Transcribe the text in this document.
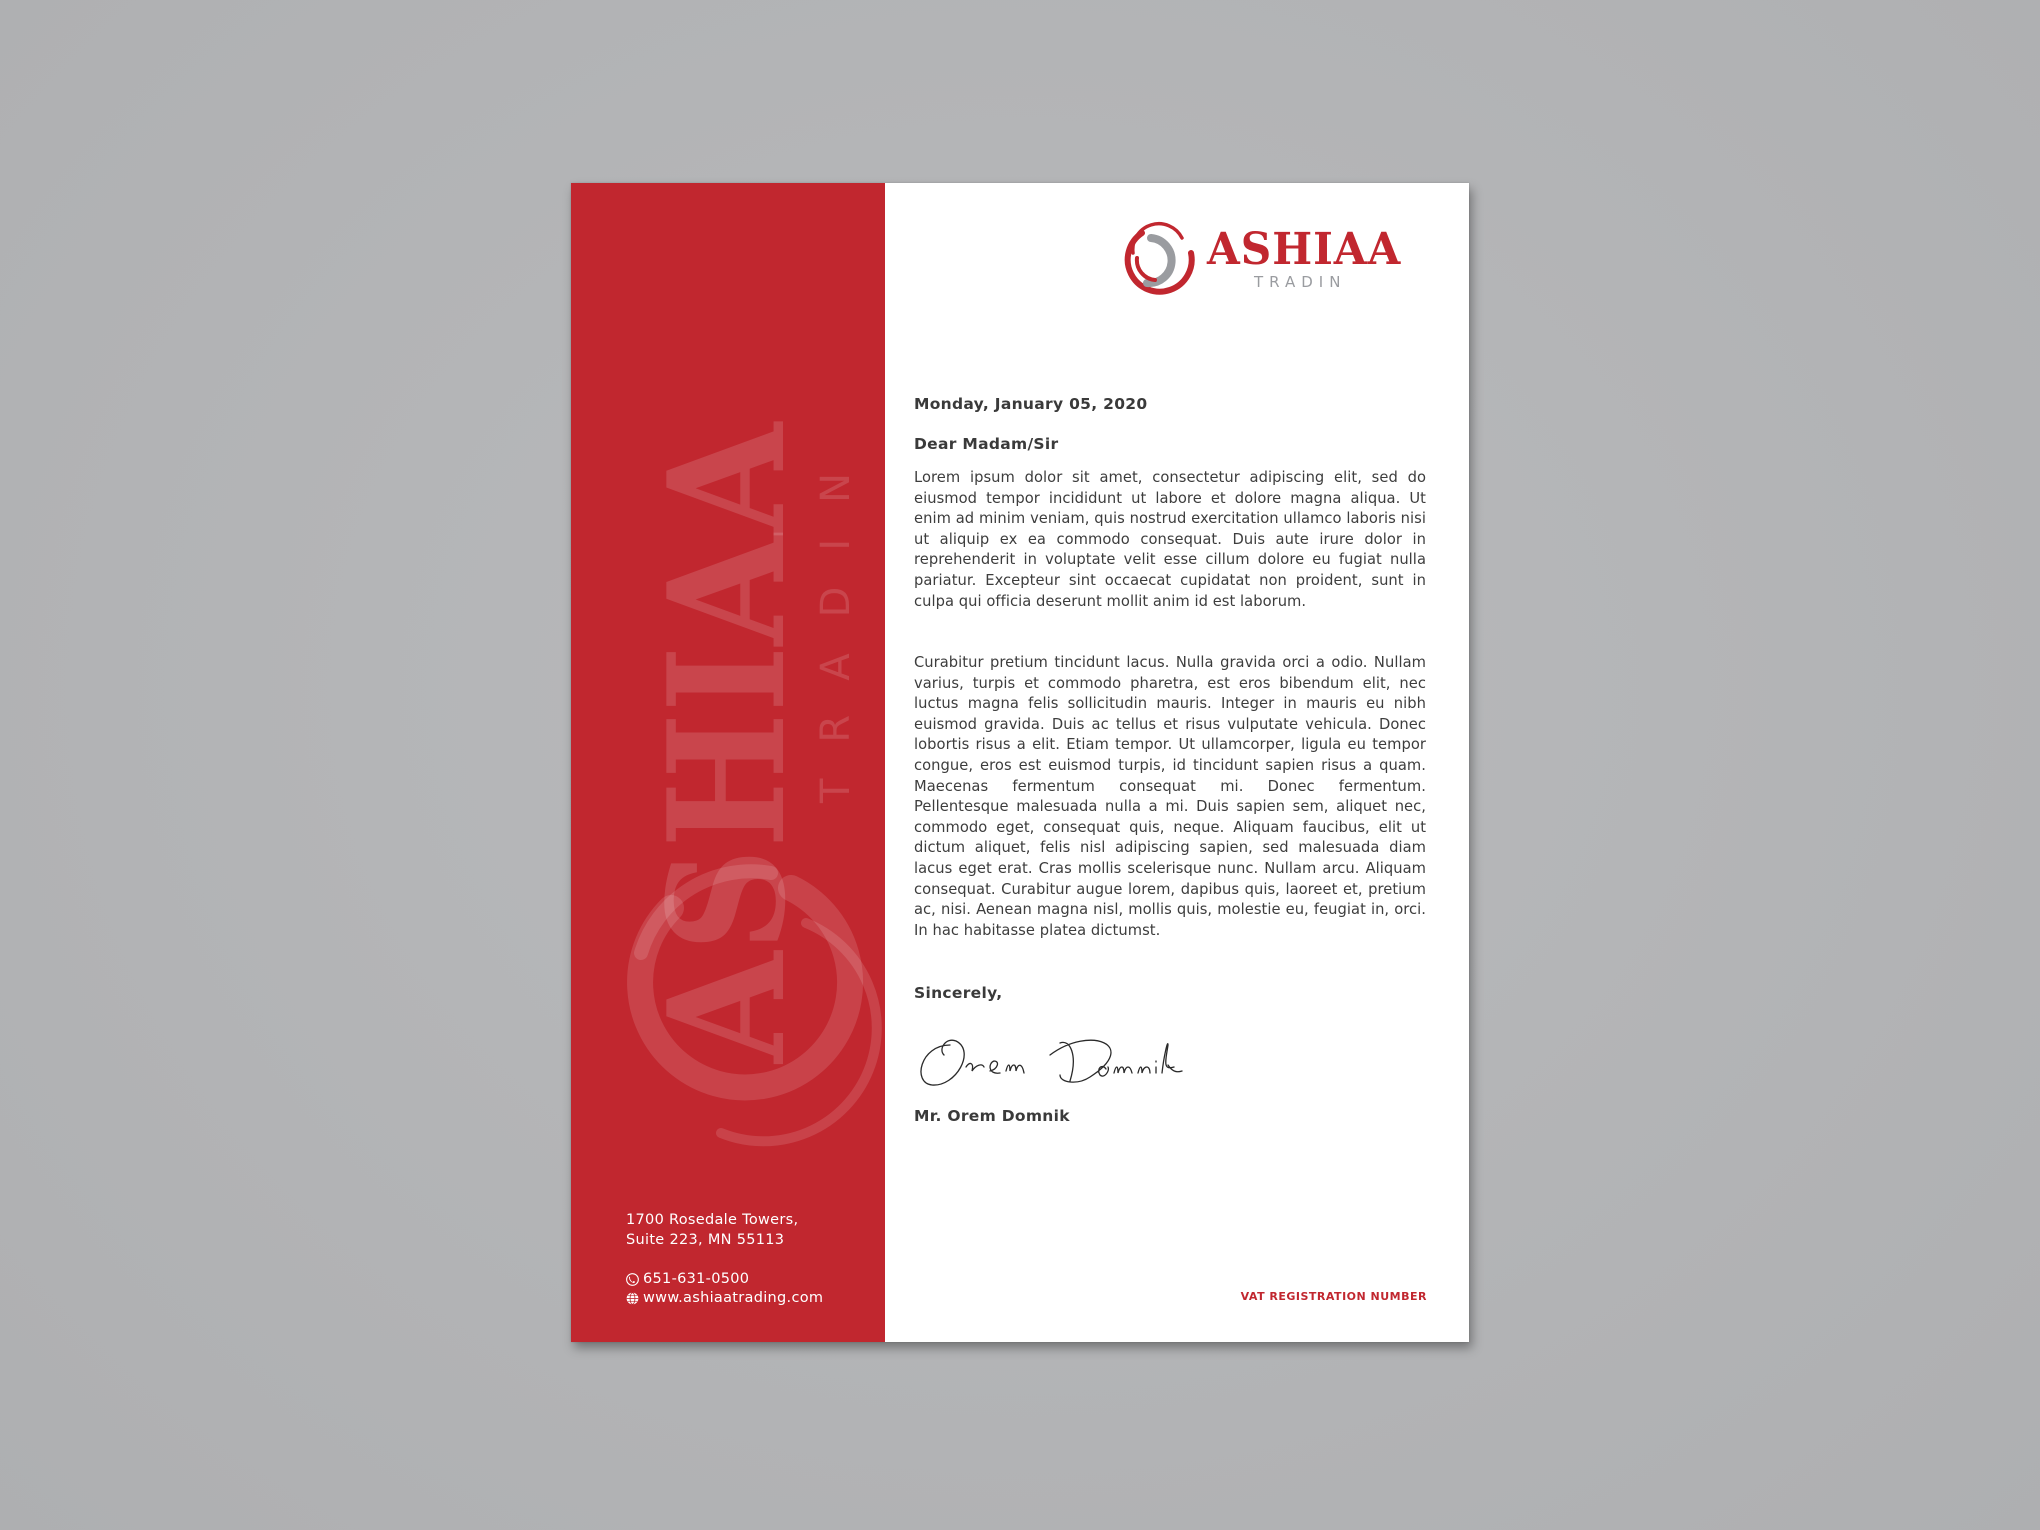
ASHIAA
TRADIN
1700 Rosedale Towers,
Suite 223, MN 55113
651-631-0500
www.ashiaatrading.com
ASHIAA
TRADIN
Monday, January 05, 2020
Dear Madam/Sir
Lorem ipsum dolor sit amet, consectetur adipiscing elit, sed do eiusmod tempor incididunt ut labore et dolore magna aliqua. Ut enim ad minim veniam, quis nostrud exercitation ullamco laboris nisi ut aliquip ex ea commodo consequat. Duis aute irure dolor in reprehenderit in voluptate velit esse cillum dolore eu fugiat nulla pariatur. Excepteur sint occaecat cupidatat non proident, sunt in culpa qui officia deserunt mollit anim id est laborum.
Curabitur pretium tincidunt lacus. Nulla gravida orci a odio. Nullam varius, turpis et commodo pharetra, est eros bibendum elit, nec luctus magna felis sollicitudin mauris. Integer in mauris eu nibh euismod gravida. Duis ac tellus et risus vulputate vehicula. Donec lobortis risus a elit. Etiam tempor. Ut ullamcorper, ligula eu tempor congue, eros est euismod turpis, id tincidunt sapien risus a quam. Maecenas fermentum consequat mi. Donec fermentum. Pellentesque malesuada nulla a mi. Duis sapien sem, aliquet nec, commodo eget, consequat quis, neque. Aliquam faucibus, elit ut dictum aliquet, felis nisl adipiscing sapien, sed malesuada diam lacus eget erat. Cras mollis scelerisque nunc. Nullam arcu. Aliquam consequat. Curabitur augue lorem, dapibus quis, laoreet et, pretium ac, nisi. Aenean magna nisl, mollis quis, molestie eu, feugiat in, orci. In hac habitasse platea dictumst.
Sincerely,
Mr. Orem Domnik
VAT REGISTRATION NUMBER
